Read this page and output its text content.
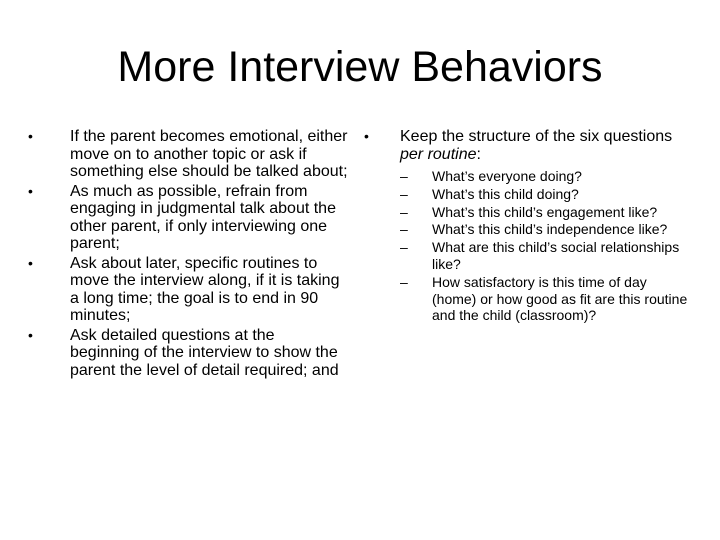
More Interview Behaviors
•	If the parent becomes emotional, either move on to another topic or ask if something else should be talked about;
•	As much as possible, refrain from engaging in judgmental talk about the other parent, if only interviewing one parent;
•	Ask about later, specific routines to move the interview along, if it is taking a long time; the goal is to end in 90 minutes;
•	Ask detailed questions at the beginning of the interview to show the parent the level of detail required; and
•	Keep the structure of the six questions per routine:
– What’s everyone doing?
– What’s this child doing?
– What’s this child’s engagement like?
– What’s this child’s independence like?
– What are this child’s social relationships like?
– How satisfactory is this time of day (home) or how good as fit are this routine and the child (classroom)?
